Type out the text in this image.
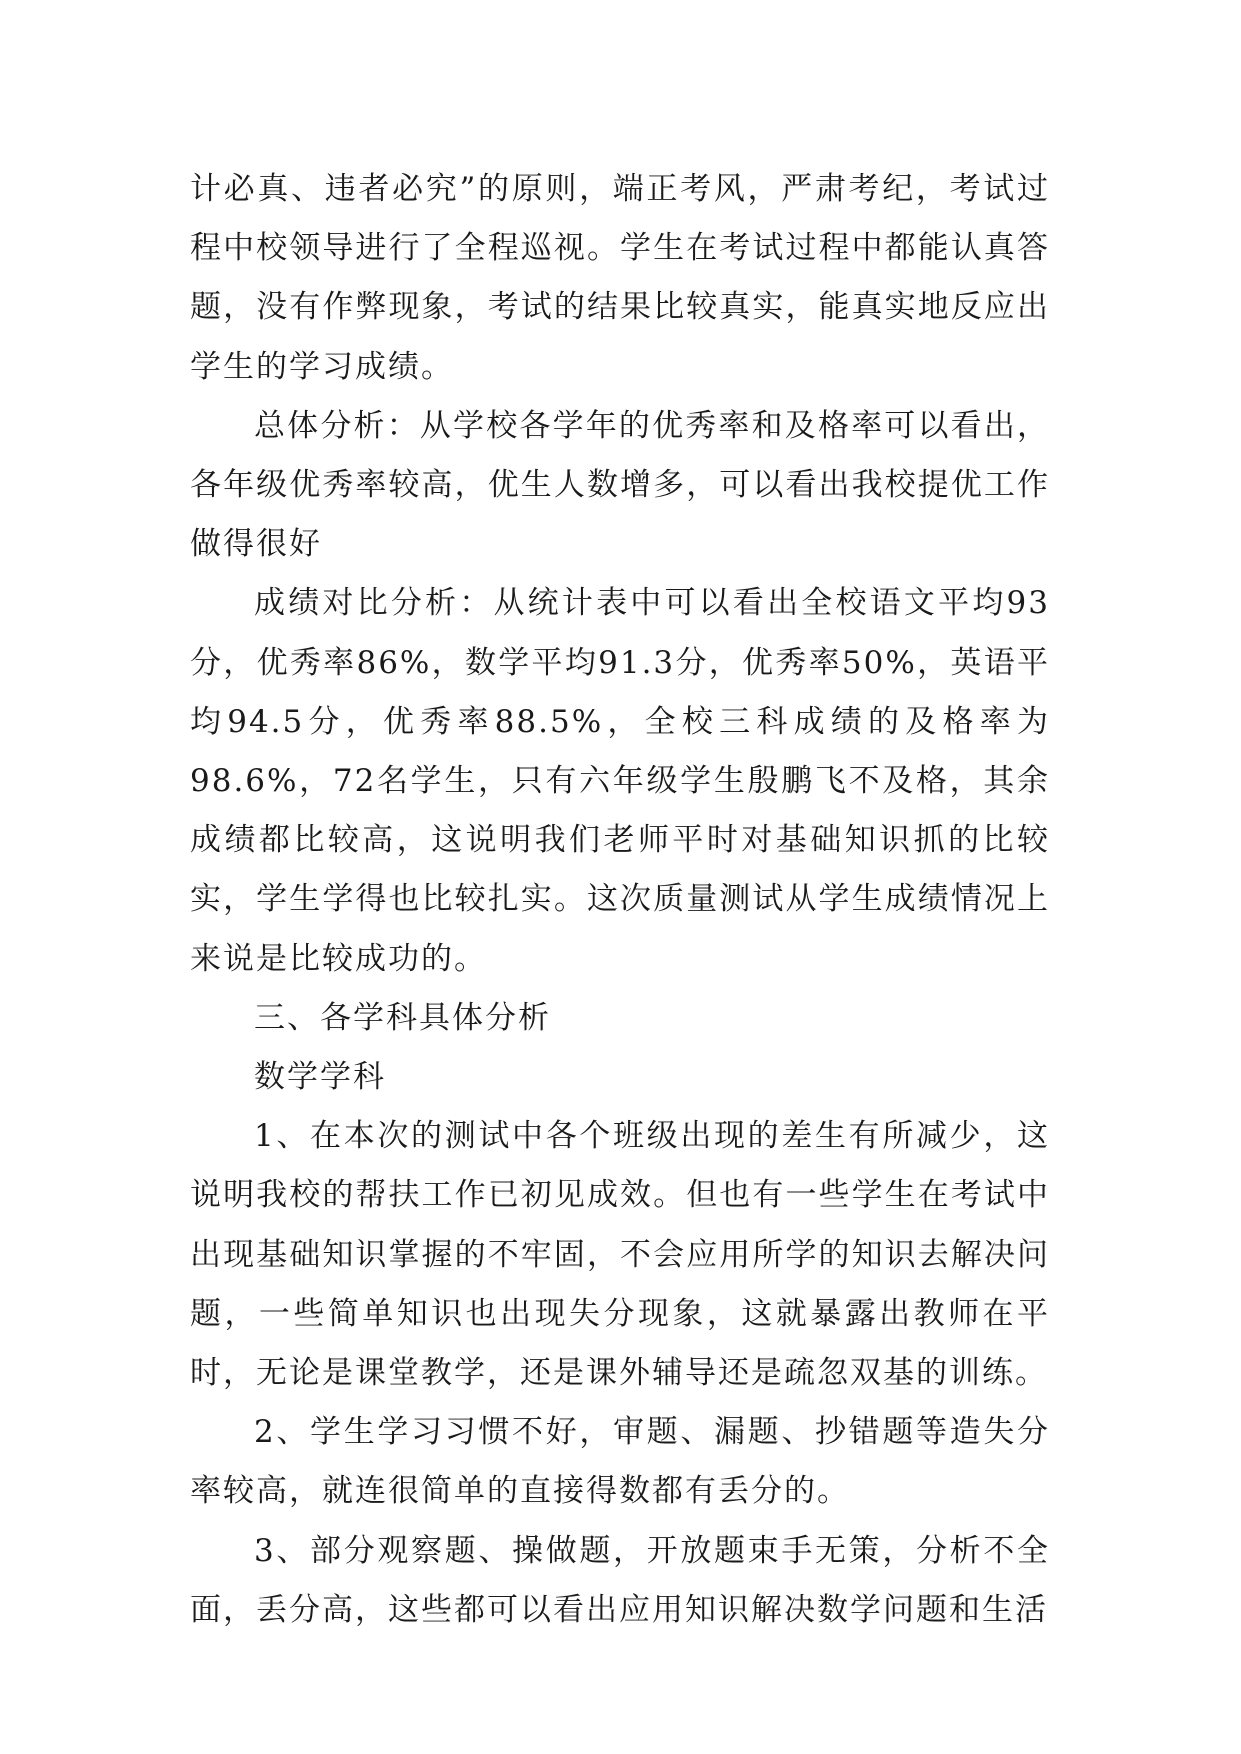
计必真、违者必究”的原则，端正考风，严肃考纪，考试过程中校领导进行了全程巡视。学生在考试过程中都能认真答题，没有作弊现象，考试的结果比较真实，能真实地反应出学生的学习成绩。

总体分析：从学校各学年的优秀率和及格率可以看出，各年级优秀率较高，优生人数增多，可以看出我校提优工作做得很好

成绩对比分析：从统计表中可以看出全校语文平均93分，优秀率86%，数学平均91.3分，优秀率50%，英语平均94.5分，优秀率88.5%，全校三科成绩的及格率为98.6%，72名学生，只有六年级学生殷鹏飞不及格，其余成绩都比较高，这说明我们老师平时对基础知识抓的比较实，学生学得也比较扎实。这次质量测试从学生成绩情况上来说是比较成功的。

三、各学科具体分析

数学学科

1、在本次的测试中各个班级出现的差生有所减少，这说明我校的帮扶工作已初见成效。但也有一些学生在考试中出现基础知识掌握的不牢固，不会应用所学的知识去解决问题，一些简单知识也出现失分现象，这就暴露出教师在平时，无论是课堂教学，还是课外辅导还是疏忽双基的训练。

2、学生学习习惯不好，审题、漏题、抄错题等造失分率较高，就连很简单的直接得数都有丢分的。

3、部分观察题、操做题，开放题束手无策，分析不全面，丢分高，这些都可以看出应用知识解决数学问题和生活
